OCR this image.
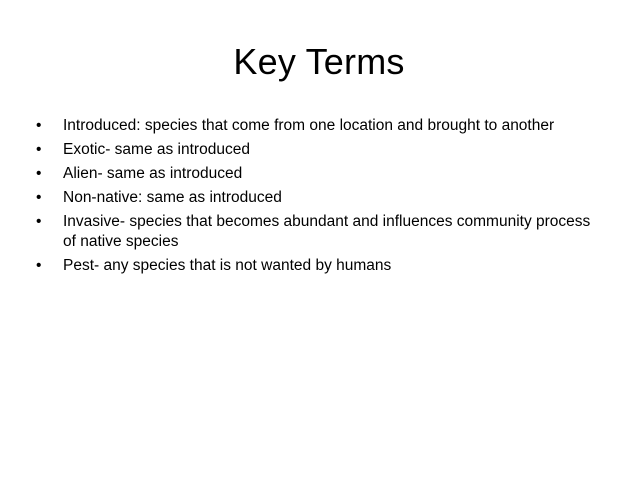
Key Terms
•	Introduced: species that come from one location and brought to another
•	Exotic- same as introduced
•	Alien- same as introduced
•	Non-native: same as introduced
•	Invasive- species that becomes abundant and influences community process of native species
•	Pest- any species that is not wanted by humans
